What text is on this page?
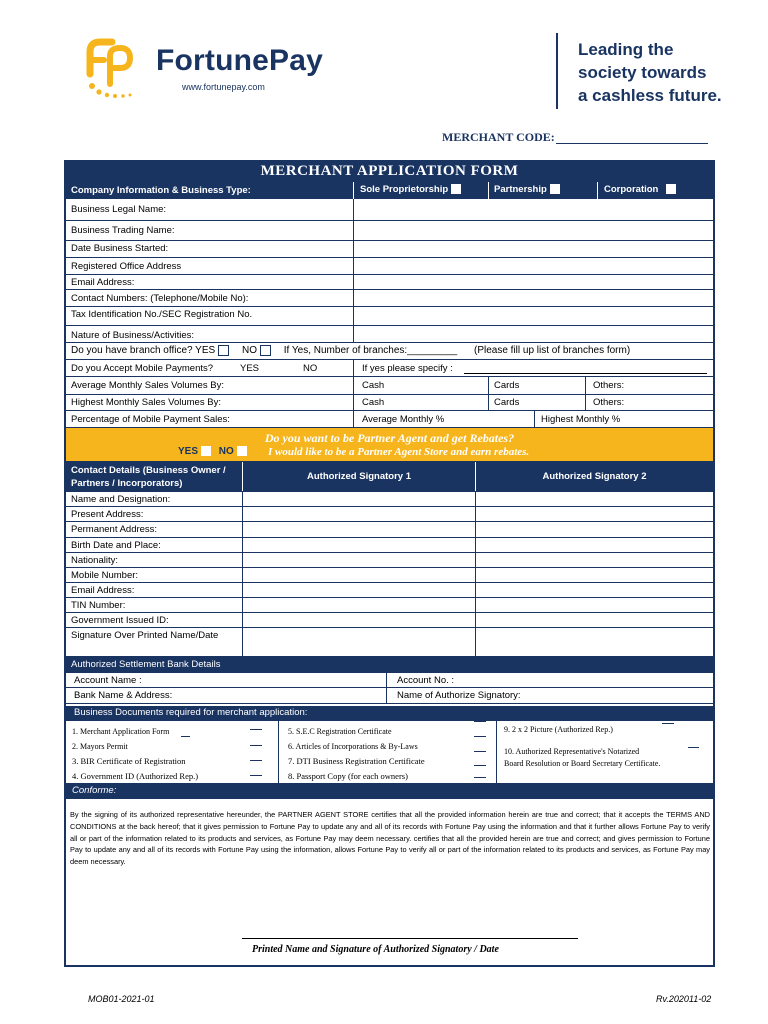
FortunePay
www.fortunepay.com
Leading the
society towards
a cashless future.
MERCHANT CODE:
MERCHANT APPLICATION FORM
Company Information & Business Type:	Sole Proprietorship	Partnership	Corporation
Business Legal Name:
Business Trading Name:
Date Business Started:
Registered Office Address
Email Address:
Contact Numbers: (Telephone/Mobile No):
Tax Identification No./SEC Registration No.
Nature of Business/Activities:
Do you have branch office? YES	NO	If Yes, Number of branches:_________ (Please fill up list of branches form)
Do you Accept Mobile Payments?	YES	NO	If yes please specify :
Average Monthly Sales Volumes By:	Cash	Cards	Others:
Highest Monthly Sales Volumes By:	Cash	Cards	Others:
Percentage of Mobile Payment Sales:	Average Monthly %	Highest Monthly %
Do you want to be Partner Agent and get Rebates?
YES NO	I would like to be a Partner Agent Store and earn rebates.
Contact Details (Business Owner / Partners / Incorporators)
Authorized Signatory 1	Authorized Signatory 2
Name and Designation:
Present Address:
Permanent Address:
Birth Date and Place:
Nationality:
Mobile Number:
Email Address:
TIN Number:
Government Issued ID:
Signature Over Printed Name/Date
Authorized Settlement Bank Details
Account Name :	Account No. :
Bank Name & Address:	Name of Authorize Signatory:
Business Documents required for merchant application:
1. Merchant Application Form
2. Mayors Permit
3. BIR Certificate of Registration
4. Government ID (Authorized Rep.)
5. S.E.C Registration Certificate
6. Articles of Incorporations & By-Laws
7. DTI Business Registration Certificate
8. Passport Copy (for each owners)
9. 2 x 2 Picture (Authorized Rep.)
10. Authorized Representative's Notarized
Board Resolution or Board Secretary Certificate.
Conforme:
By the signing of its authorized representative hereunder, the PARTNER AGENT STORE certifies that all the provided information herein are true and correct; that it accepts the TERMS AND CONDITIONS at the back hereof; that it gives permission to Fortune Pay to update any and all of its records with Fortune Pay using the information and that it further allows Fortune Pay to verify all or part of the information related to its products and services, as Fortune Pay may deem necessary. certifies that all the provided herein are true and correct; and gives permission to Fortune Pay to update any and all of its records with Fortune Pay using the information, allows Fortune Pay to verify all or part of the information related to its products and services, as Fortune Pay may deem necessary.
Printed Name and Signature of Authorized Signatory / Date
MOB01-2021-01	Rv.202011-02
